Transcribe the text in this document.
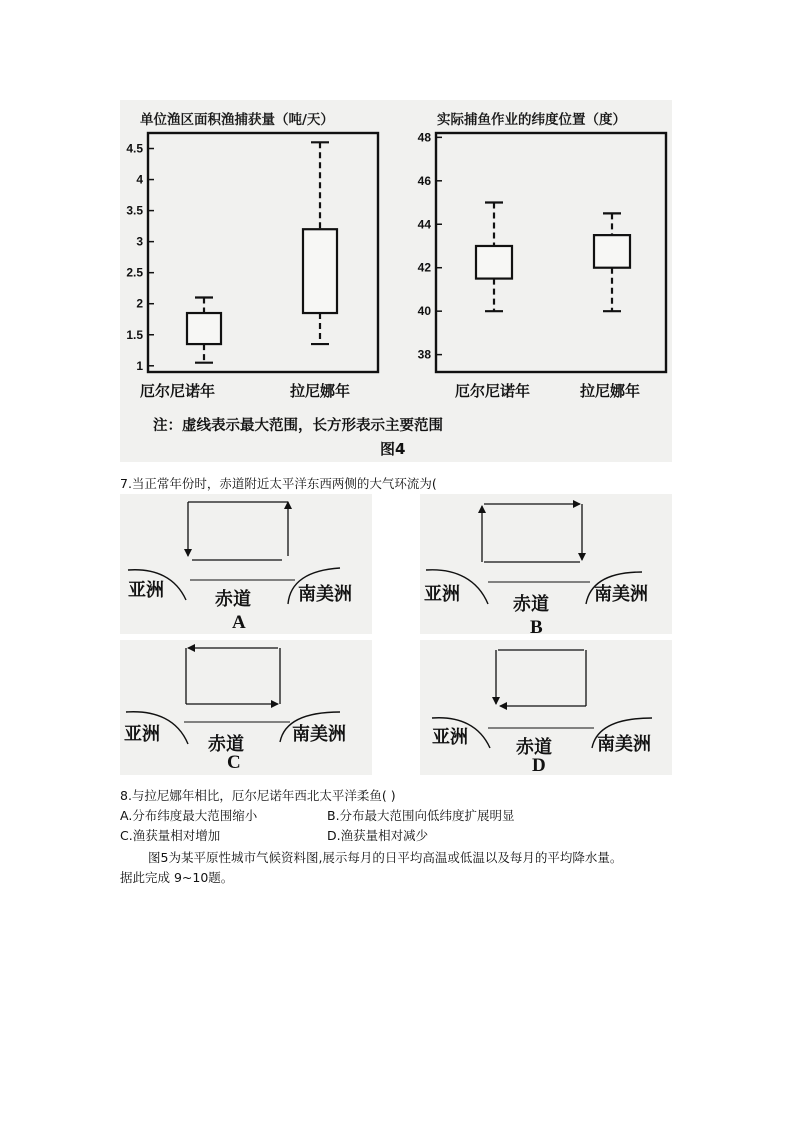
单位渔区面积渔捕获量（吨/天）	实际捕鱼作业的纬度位置（度）
1
1.5
2
2.5
3
3.5
4
4.5
38
40
42
44
46
48
厄尔尼诺年	拉尼娜年	厄尔尼诺年	拉尼娜年
注：虚线表示最大范围，长方形表示主要范围
图4
7.当正常年份时，赤道附近太平洋东西两侧的大气环流为(
亚洲	赤道	南美洲
A
亚洲	赤道	南美洲
B
亚洲	赤道	南美洲
C
亚洲	赤道	南美洲
D
8.与拉尼娜年相比，厄尔尼诺年西北太平洋柔鱼( )
A.分布纬度最大范围缩小	B.分布最大范围向低纬度扩展明显
C.渔获量相对增加	D.渔获量相对减少
图5为某平原性城市气候资料图,展示每月的日平均高温或低温以及每月的平均降水量。
据此完成 9~10题。
